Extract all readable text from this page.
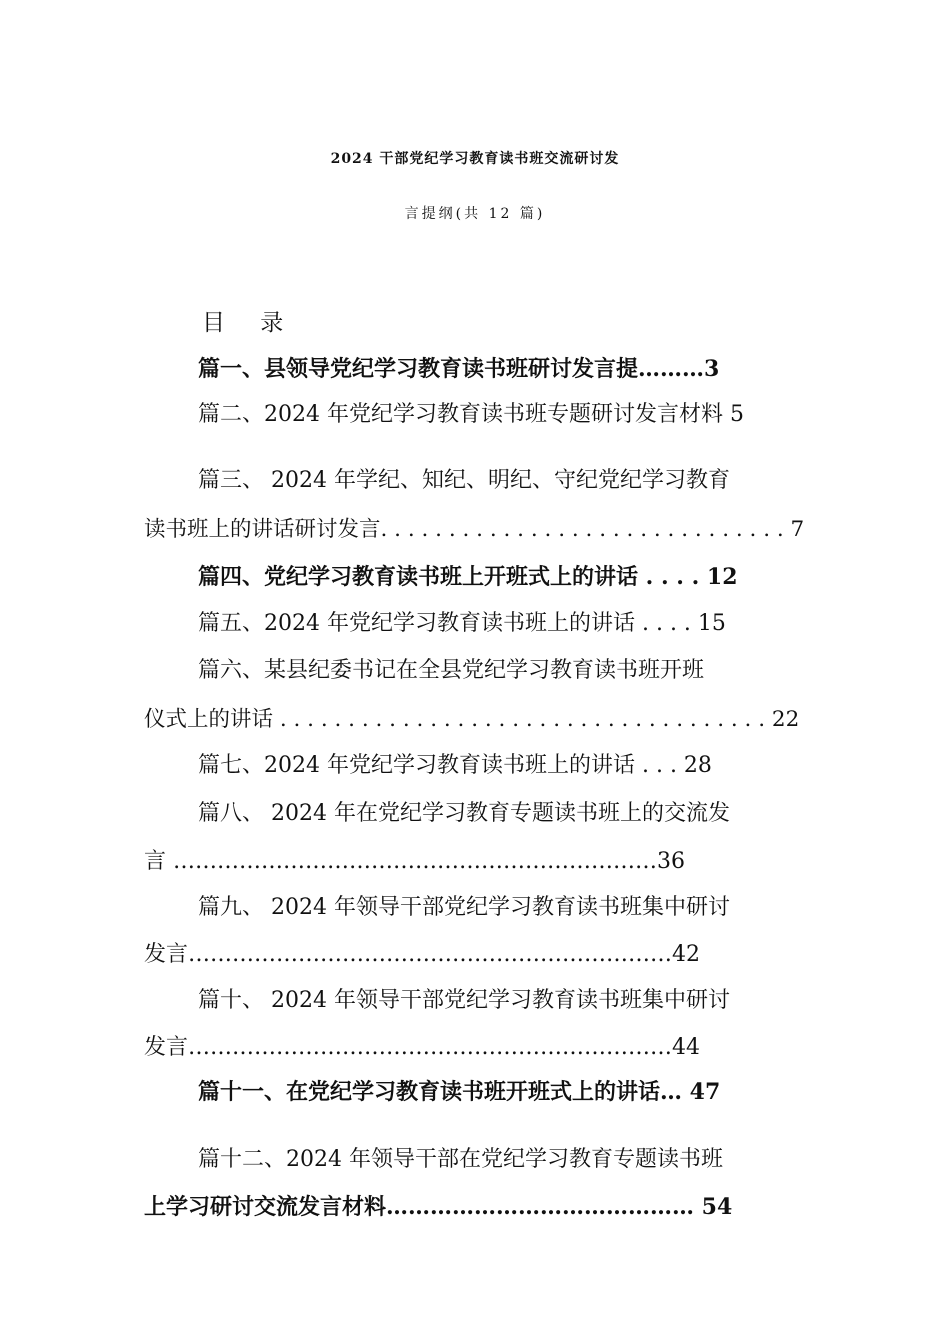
2024 干部党纪学习教育读书班交流研讨发
言提纲(共 12 篇)
目 录
篇一、县领导党纪学习教育读书班研讨发言提………3
篇二、2024 年党纪学习教育读书班专题研讨发言材料 5
篇三、 2024 年学纪、知纪、明纪、守纪党纪学习教育
读书班上的讲话研讨发言. . . . . . . . . . . . . . . . . . . . . . . . . . . . . . 7
篇四、党纪学习教育读书班上开班式上的讲话 . . . . 12
篇五、2024 年党纪学习教育读书班上的讲话 . . . . 15
篇六、某县纪委书记在全县党纪学习教育读书班开班
仪式上的讲话 . . . . . . . . . . . . . . . . . . . . . . . . . . . . . . . . . . . . 22
篇七、2024 年党纪学习教育读书班上的讲话 . . . 28
篇八、 2024 年在党纪学习教育专题读书班上的交流发
言 …………………………………………………………36
篇九、 2024 年领导干部党纪学习教育读书班集中研讨
发言…………………………………………………………42
篇十、 2024 年领导干部党纪学习教育读书班集中研讨
发言…………………………………………………………44
篇十一、在党纪学习教育读书班开班式上的讲话… 47
篇十二、2024 年领导干部在党纪学习教育专题读书班
上学习研讨交流发言材料…………………………………… 54
